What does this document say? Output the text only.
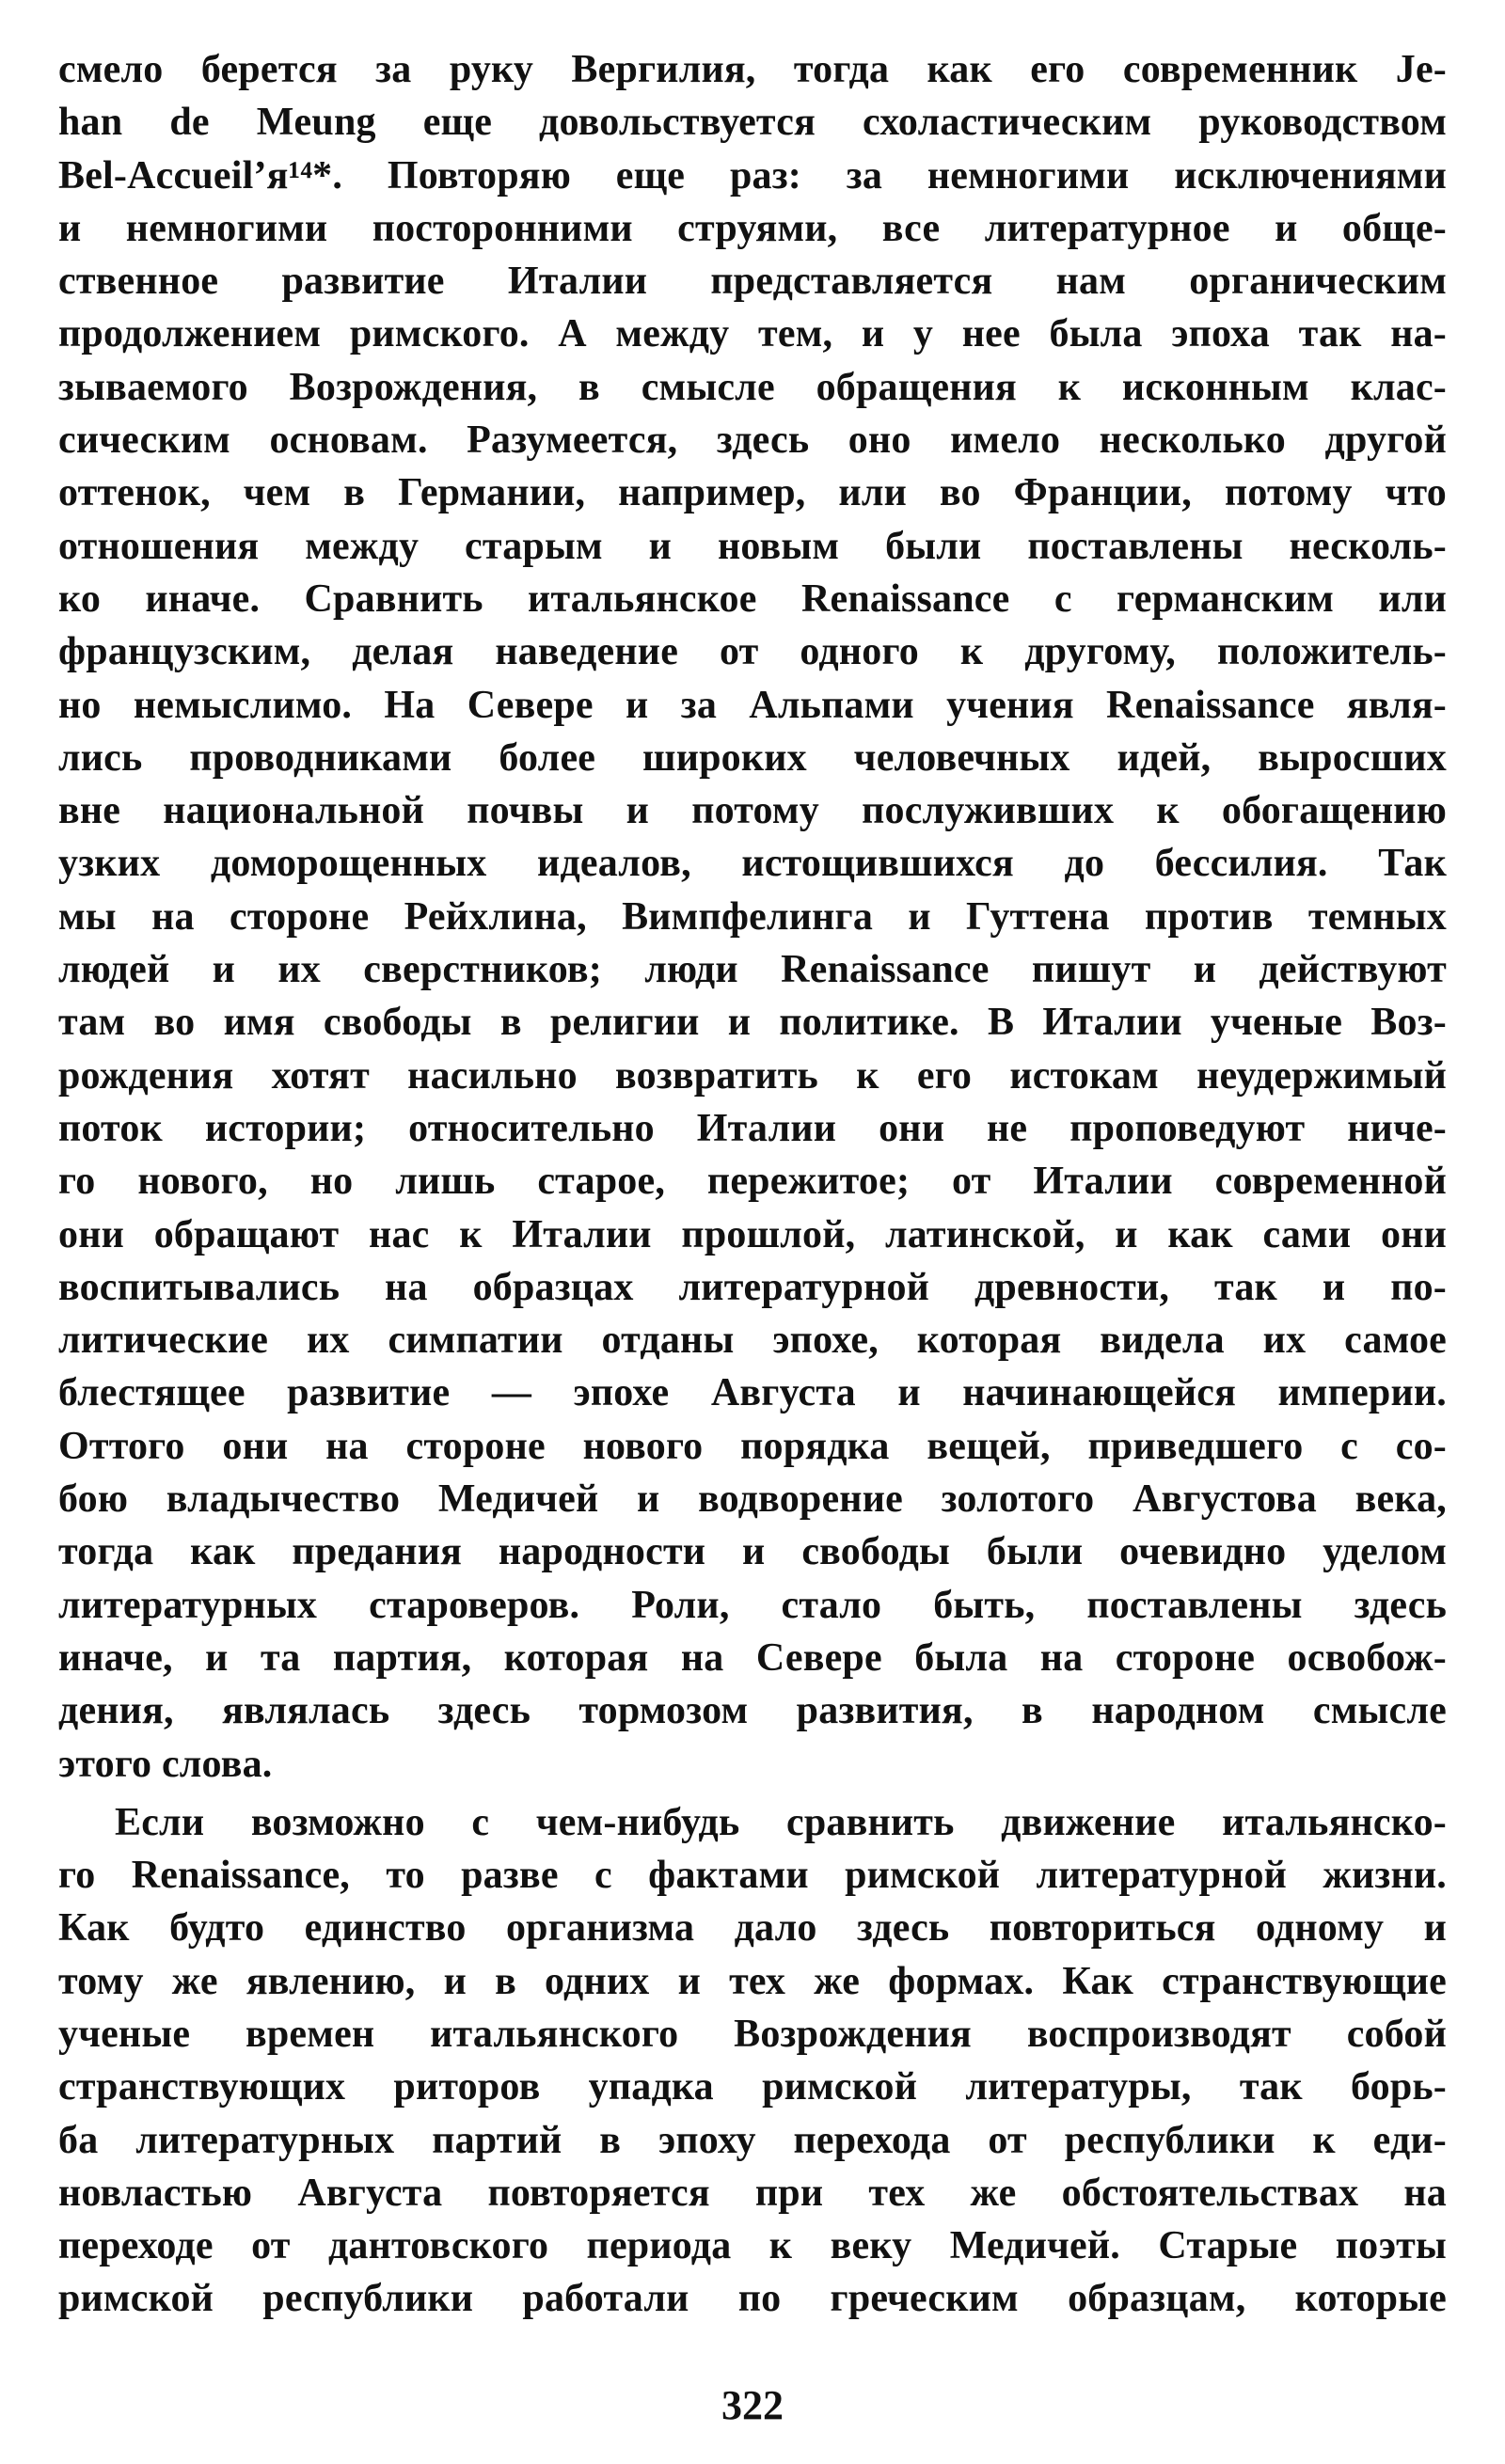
смело берется за руку Вергилия, тогда как его современник Je-
han de Meung еще довольствуется схоластическим руководством
Bel-Accueil’я¹⁴*. Повторяю еще раз: за немногими исключениями
и немногими посторонними струями, все литературное и обще-
ственное развитие Италии представляется нам органическим
продолжением римского. А между тем, и у нее была эпоха так на-
зываемого Возрождения, в смысле обращения к исконным клас-
сическим основам. Разумеется, здесь оно имело несколько другой
оттенок, чем в Германии, например, или во Франции, потому что
отношения между старым и новым были поставлены несколь-
ко иначе. Сравнить итальянское Renaissance с германским или
французским, делая наведение от одного к другому, положитель-
но немыслимо. На Севере и за Альпами учения Renaissance явля-
лись проводниками более широких человечных идей, выросших
вне национальной почвы и потому послуживших к обогащению
узких доморощенных идеалов, истощившихся до бессилия. Так
мы на стороне Рейхлина, Вимпфелинга и Гуттена против темных
людей и их сверстников; люди Renaissance пишут и действуют
там во имя свободы в религии и политике. В Италии ученые Воз-
рождения хотят насильно возвратить к его истокам неудержимый
поток истории; относительно Италии они не проповедуют ниче-
го нового, но лишь старое, пережитое; от Италии современной
они обращают нас к Италии прошлой, латинской, и как сами они
воспитывались на образцах литературной древности, так и по-
литические их симпатии отданы эпохе, которая видела их самое
блестящее развитие — эпохе Августа и начинающейся империи.
Оттого они на стороне нового порядка вещей, приведшего с со-
бою владычество Медичей и водворение золотого Августова века,
тогда как предания народности и свободы были очевидно уделом
литературных староверов. Роли, стало быть, поставлены здесь
иначе, и та партия, которая на Севере была на стороне освобож-
дения, являлась здесь тормозом развития, в народном смысле
этого слова.
Если возможно с чем-нибудь сравнить движение итальянско-
го Renaissance, то разве с фактами римской литературной жизни.
Как будто единство организма дало здесь повториться одному и
тому же явлению, и в одних и тех же формах. Как странствующие
ученые времен итальянского Возрождения воспроизводят собой
странствующих риторов упадка римской литературы, так борь-
ба литературных партий в эпоху перехода от республики к еди-
новластью Августа повторяется при тех же обстоятельствах на
переходе от дантовского периода к веку Медичей. Старые поэты
римской республики работали по греческим образцам, которые
322
